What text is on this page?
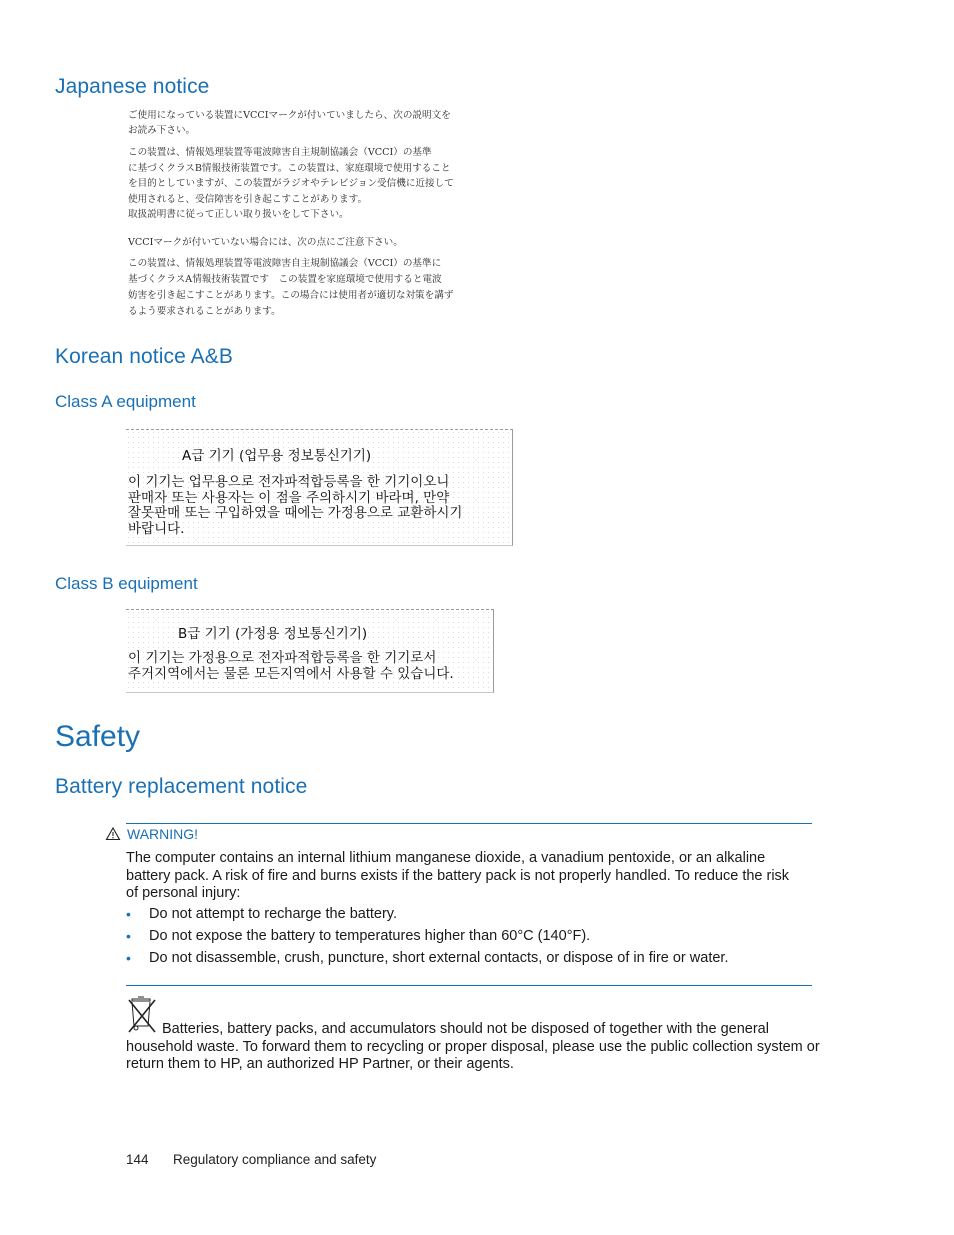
Japanese notice
ご使用になっている装置にVCCIマークが付いていましたら、次の説明文を
お読み下さい。
この装置は、情報処理装置等電波障害自主規制協議会（VCCI）の基準
に基づくクラスB情報技術装置です。この装置は、家庭環境で使用すること
を目的としていますが、この装置がラジオやテレビジョン受信機に近接して
使用されると、受信障害を引き起こすことがあります。
取扱説明書に従って正しい取り扱いをして下さい。
VCCIマークが付いていない場合には、次の点にご注意下さい。
この装置は、情報処理装置等電波障害自主規制協議会（VCCI）の基準に
基づくクラスA情報技術装置です　この装置を家庭環境で使用すると電波
妨害を引き起こすことがあります。この場合には使用者が適切な対策を講ず
るよう要求されることがあります。
Korean notice A&B
Class A equipment
A급 기기 (업무용 정보통신기기)
이 기기는 업무용으로 전자파적합등록을 한 기기이오니
판매자 또는 사용자는 이 점을 주의하시기 바라며, 만약
잘못판매 또는 구입하였을 때에는 가정용으로 교환하시기
바랍니다.
Class B equipment
B급 기기 (가정용 정보통신기기)
이 기기는 가정용으로 전자파적합등록을 한 기기로서
주거지역에서는 물론 모든지역에서 사용할 수 있습니다.
Safety
Battery replacement notice
WARNING!
The computer contains an internal lithium manganese dioxide, a vanadium pentoxide, or an alkaline battery pack. A risk of fire and burns exists if the battery pack is not properly handled. To reduce the risk of personal injury:
• Do not attempt to recharge the battery.
• Do not expose the battery to temperatures higher than 60°C (140°F).
• Do not disassemble, crush, puncture, short external contacts, or dispose of in fire or water.
Batteries, battery packs, and accumulators should not be disposed of together with the general household waste. To forward them to recycling or proper disposal, please use the public collection system or return them to HP, an authorized HP Partner, or their agents.
144 Regulatory compliance and safety
